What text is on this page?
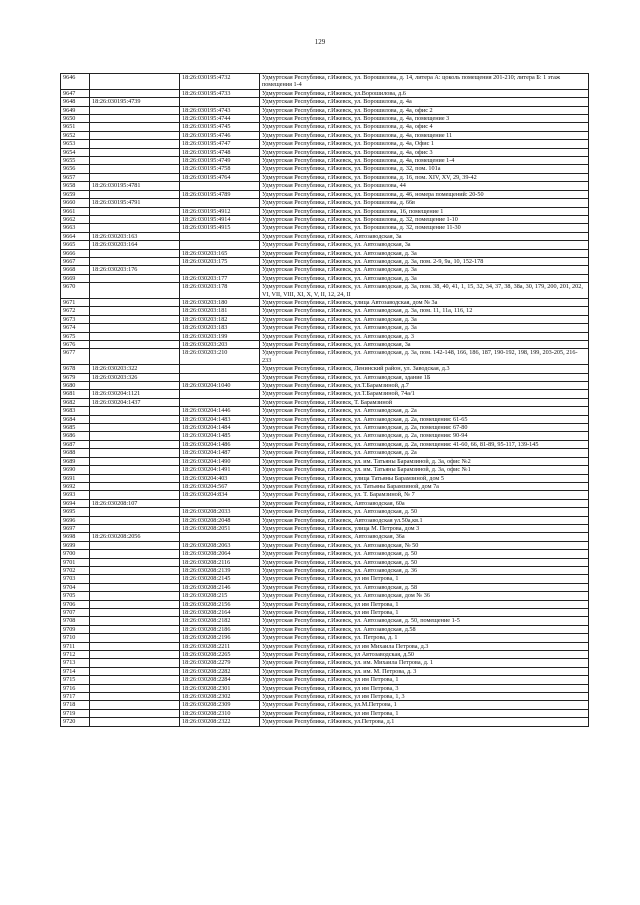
129
9646		18:26:030195:4732	Удмуртская Республика, г.Ижевск, ул. Ворошилова, д. 14, литера А: цоколь помещения 201-210; литера Б: 1 этаж помещения 1-4
9647		18:26:030195:4733	Удмуртская Республика, г.Ижевск, ул.Ворошилова, д.6
9648	18:26:030195:4739		Удмуртская Республика, г.Ижевск, ул. Ворошилова, д. 4а
9649		18:26:030195:4743	Удмуртская Республика, г.Ижевск, ул. Ворошилова, д. 4а, офис 2
9650		18:26:030195:4744	Удмуртская Республика, г.Ижевск, ул. Ворошилова, д. 4а, помещение 3
9651		18:26:030195:4745	Удмуртская Республика, г.Ижевск, ул. Ворошилова, д. 4а, офис 4
9652		18:26:030195:4746	Удмуртская Республика, г.Ижевск, ул. Ворошилова, д. 4а, помещение 11
9653		18:26:030195:4747	Удмуртская Республика, г.Ижевск, ул. Ворошилова, д. 4а, Офис 1
9654		18:26:030195:4748	Удмуртская Республика, г.Ижевск, ул. Ворошилова, д. 4а, офис 3
9655		18:26:030195:4749	Удмуртская Республика, г.Ижевск, ул. Ворошилова, д. 4а, помещение 1-4
9656		18:26:030195:4758	Удмуртская Республика, г.Ижевск, ул. Ворошилова, д. 32, пом. 101а
9657		18:26:030195:4764	Удмуртская Республика, г.Ижевск, ул. Ворошилова, д. 16, пом. XIV, XV, 29, 39-42
9658	18:26:030195:4781		Удмуртская Республика, г.Ижевск, ул. Ворошилова, 44
9659		18:26:030195:4789	Удмуртская Республика, г.Ижевск, ул. Ворошилова, д. 46, номера помещений: 20-50
9660	18:26:030195:4791		Удмуртская Республика, г.Ижевск, ул. Ворошилова, д. 66в
9661		18:26:030195:4912	Удмуртская Республика, г.Ижевск, ул. Ворошилова, 16, помещение 1
9662		18:26:030195:4914	Удмуртская Республика, г.Ижевск, ул. Ворошилова, д. 32, помещение 1-10
9663		18:26:030195:4915	Удмуртская Республика, г.Ижевск, ул. Ворошилова, д. 32, помещение 11-30
9664	18:26:030203:163		Удмуртская Республика, г.Ижевск, Автозаводская, 3а
9665	18:26:030203:164		Удмуртская Республика, г.Ижевск, ул. Автозаводская, 3а
9666		18:26:030203:165	Удмуртская Республика, г.Ижевск, ул. Автозаводская, д. 3а
9667		18:26:030203:175	Удмуртская Республика, г.Ижевск, ул. Автозаводская, д. 3а, пом. 2-9, 9а, 10, 152-178
9668	18:26:030203:176		Удмуртская Республика, г.Ижевск, ул. Автозаводская, д. 3а
9669		18:26:030203:177	Удмуртская Республика, г.Ижевск, ул. Автозаводская, д. 3а
9670		18:26:030203:178	Удмуртская Республика, г.Ижевск, ул. Автозаводская, д. 3а, пом. 38, 40, 41, 1, 15, 32, 34, 37, 38, 38а, 30, 179, 200, 201, 202, VI, VII, VIII, XI, X, V, II, 12, 24, II
9671		18:26:030203:180	Удмуртская Республика, г.Ижевск, улица Автозаводская, дом № 3а
9672		18:26:030203:181	Удмуртская Республика, г.Ижевск, ул. Автозаводская, д. 3а, пом. 11, 11а, 116, 12
9673		18:26:030203:182	Удмуртская Республика, г.Ижевск, ул. Автозаводская, д. 3а
9674		18:26:030203:183	Удмуртская Республика, г.Ижевск, ул. Автозаводская, д. 3а
9675		18:26:030203:199	Удмуртская Республика, г.Ижевск, ул. Автозаводская, д. 3
9676		18:26:030203:203	Удмуртская Республика, г.Ижевск, ул. Автозаводская, 3а
9677		18:26:030203:210	Удмуртская Республика, г.Ижевск, ул. Автозаводская, д. 3а, пом. 142-148, 166, 186, 187, 190-192, 198, 199, 203-205, 216-233
9678	18:26:030203:322		Удмуртская Республика, г.Ижевск, Ленинский район, ул. Заводская, д.3
9679	18:26:030203:326		Удмуртская Республика, г.Ижевск, ул. Автозаводская, здание 1Б
9680		18:26:030204:1040	Удмуртская Республика, г.Ижевск, ул.Т.Барамзиной, д.7
9681	18:26:030204:1121		Удмуртская Республика, г.Ижевск, ул.Т.Барамзиной, 74а/1
9682	18:26:030204:1437		Удмуртская Республика, г.Ижевск, Т. Барамзиной
9683		18:26:030204:1446	Удмуртская Республика, г.Ижевск, ул. Автозаводская, д. 2а
9684		18:26:030204:1483	Удмуртская Республика, г.Ижевск, ул. Автозаводская, д. 2а, помещения: 61-65
9685		18:26:030204:1484	Удмуртская Республика, г.Ижевск, ул. Автозаводская, д. 2а, помещения: 67-80
9686		18:26:030204:1485	Удмуртская Республика, г.Ижевск, ул. Автозаводская, д. 2а, помещения: 90-94
9687		18:26:030204:1486	Удмуртская Республика, г.Ижевск, ул. Автозаводская, д. 2а, помещения: 41-60, 66, 81-89, 95-117, 139-145
9688		18:26:030204:1487	Удмуртская Республика, г.Ижевск, ул. Автозаводская, д. 2а
9689		18:26:030204:1490	Удмуртская Республика, г.Ижевск, ул. им. Татьяны Барамзиной, д. 3а, офис №2
9690		18:26:030204:1491	Удмуртская Республика, г.Ижевск, ул. им. Татьяны Барамзиной, д. 3а, офис №1
9691		18:26:030204:403	Удмуртская Республика, г.Ижевск, улица Татьяны Барамзиной, дом 5
9692		18:26:030204:567	Удмуртская Республика, г.Ижевск, ул. Татьяны Барамзиной, дом 7а
9693		18:26:030204:834	Удмуртская Республика, г.Ижевск, ул. Т. Барамзиной, № 7
9694	18:26:030208:107		Удмуртская Республика, г.Ижевск, Автозаводская, 60а
9695		18:26:030208:2033	Удмуртская Республика, г.Ижевск, ул. Автозаводская, д. 50
9696		18:26:030208:2048	Удмуртская Республика, г.Ижевск, Автозаводская ул.50а,кв.1
9697		18:26:030208:2051	Удмуртская Республика, г.Ижевск, улица М. Петрова, дом 3
9698	18:26:030208:2056		Удмуртская Республика, г.Ижевск, Автозаводская, 36а
9699		18:26:030208:2063	Удмуртская Республика, г.Ижевск, ул. Автозаводская, № 50
9700		18:26:030208:2064	Удмуртская Республика, г.Ижевск, ул. Автозаводская, д. 50
9701		18:26:030208:2116	Удмуртская Республика, г.Ижевск, ул. Автозаводская, д. 50
9702		18:26:030208:2139	Удмуртская Республика, г.Ижевск, ул. Автозаводская, д. 36
9703		18:26:030208:2145	Удмуртская Республика, г.Ижевск, ул им Петрова, 1
9704		18:26:030208:2146	Удмуртская Республика, г.Ижевск, ул. Автозаводская, д. 58
9705		18:26:030208:215	Удмуртская Республика, г.Ижевск, ул. Автозаводская, дом № 36
9706		18:26:030208:2156	Удмуртская Республика, г.Ижевск, ул им Петрова, 1
9707		18:26:030208:2164	Удмуртская Республика, г.Ижевск, ул им Петрова, 1
9708		18:26:030208:2182	Удмуртская Республика, г.Ижевск, ул. Автозаводская, д. 50, помещение 1-5
9709		18:26:030208:2186	Удмуртская Республика, г.Ижевск, ул. Автозаводская, д.58
9710		18:26:030208:2196	Удмуртская Республика, г.Ижевск, ул. Петрова, д. 1
9711		18:26:030208:2211	Удмуртская Республика, г.Ижевск, ул им Михаила Петрова, д.3
9712		18:26:030208:2265	Удмуртская Республика, г.Ижевск, ул Автозаводская, д.50
9713		18:26:030208:2279	Удмуртская Республика, г.Ижевск, ул. им. Михаила Петрова, д. 1
9714		18:26:030208:2282	Удмуртская Республика, г.Ижевск, ул. им. М. Петрова, д. 3
9715		18:26:030208:2284	Удмуртская Республика, г.Ижевск, ул им Петрова, 1
9716		18:26:030208:2301	Удмуртская Республика, г.Ижевск, ул им Петрова, 3
9717		18:26:030208:2302	Удмуртская Республика, г.Ижевск, ул им Петрова, 1, 3
9718		18:26:030208:2309	Удмуртская Республика, г.Ижевск, ул.М.Петрова, 1
9719		18:26:030208:2310	Удмуртская Республика, г.Ижевск, ул им Петрова, 1
9720		18:26:030208:2322	Удмуртская Республика, г.Ижевск, ул.Петрова, д.1
